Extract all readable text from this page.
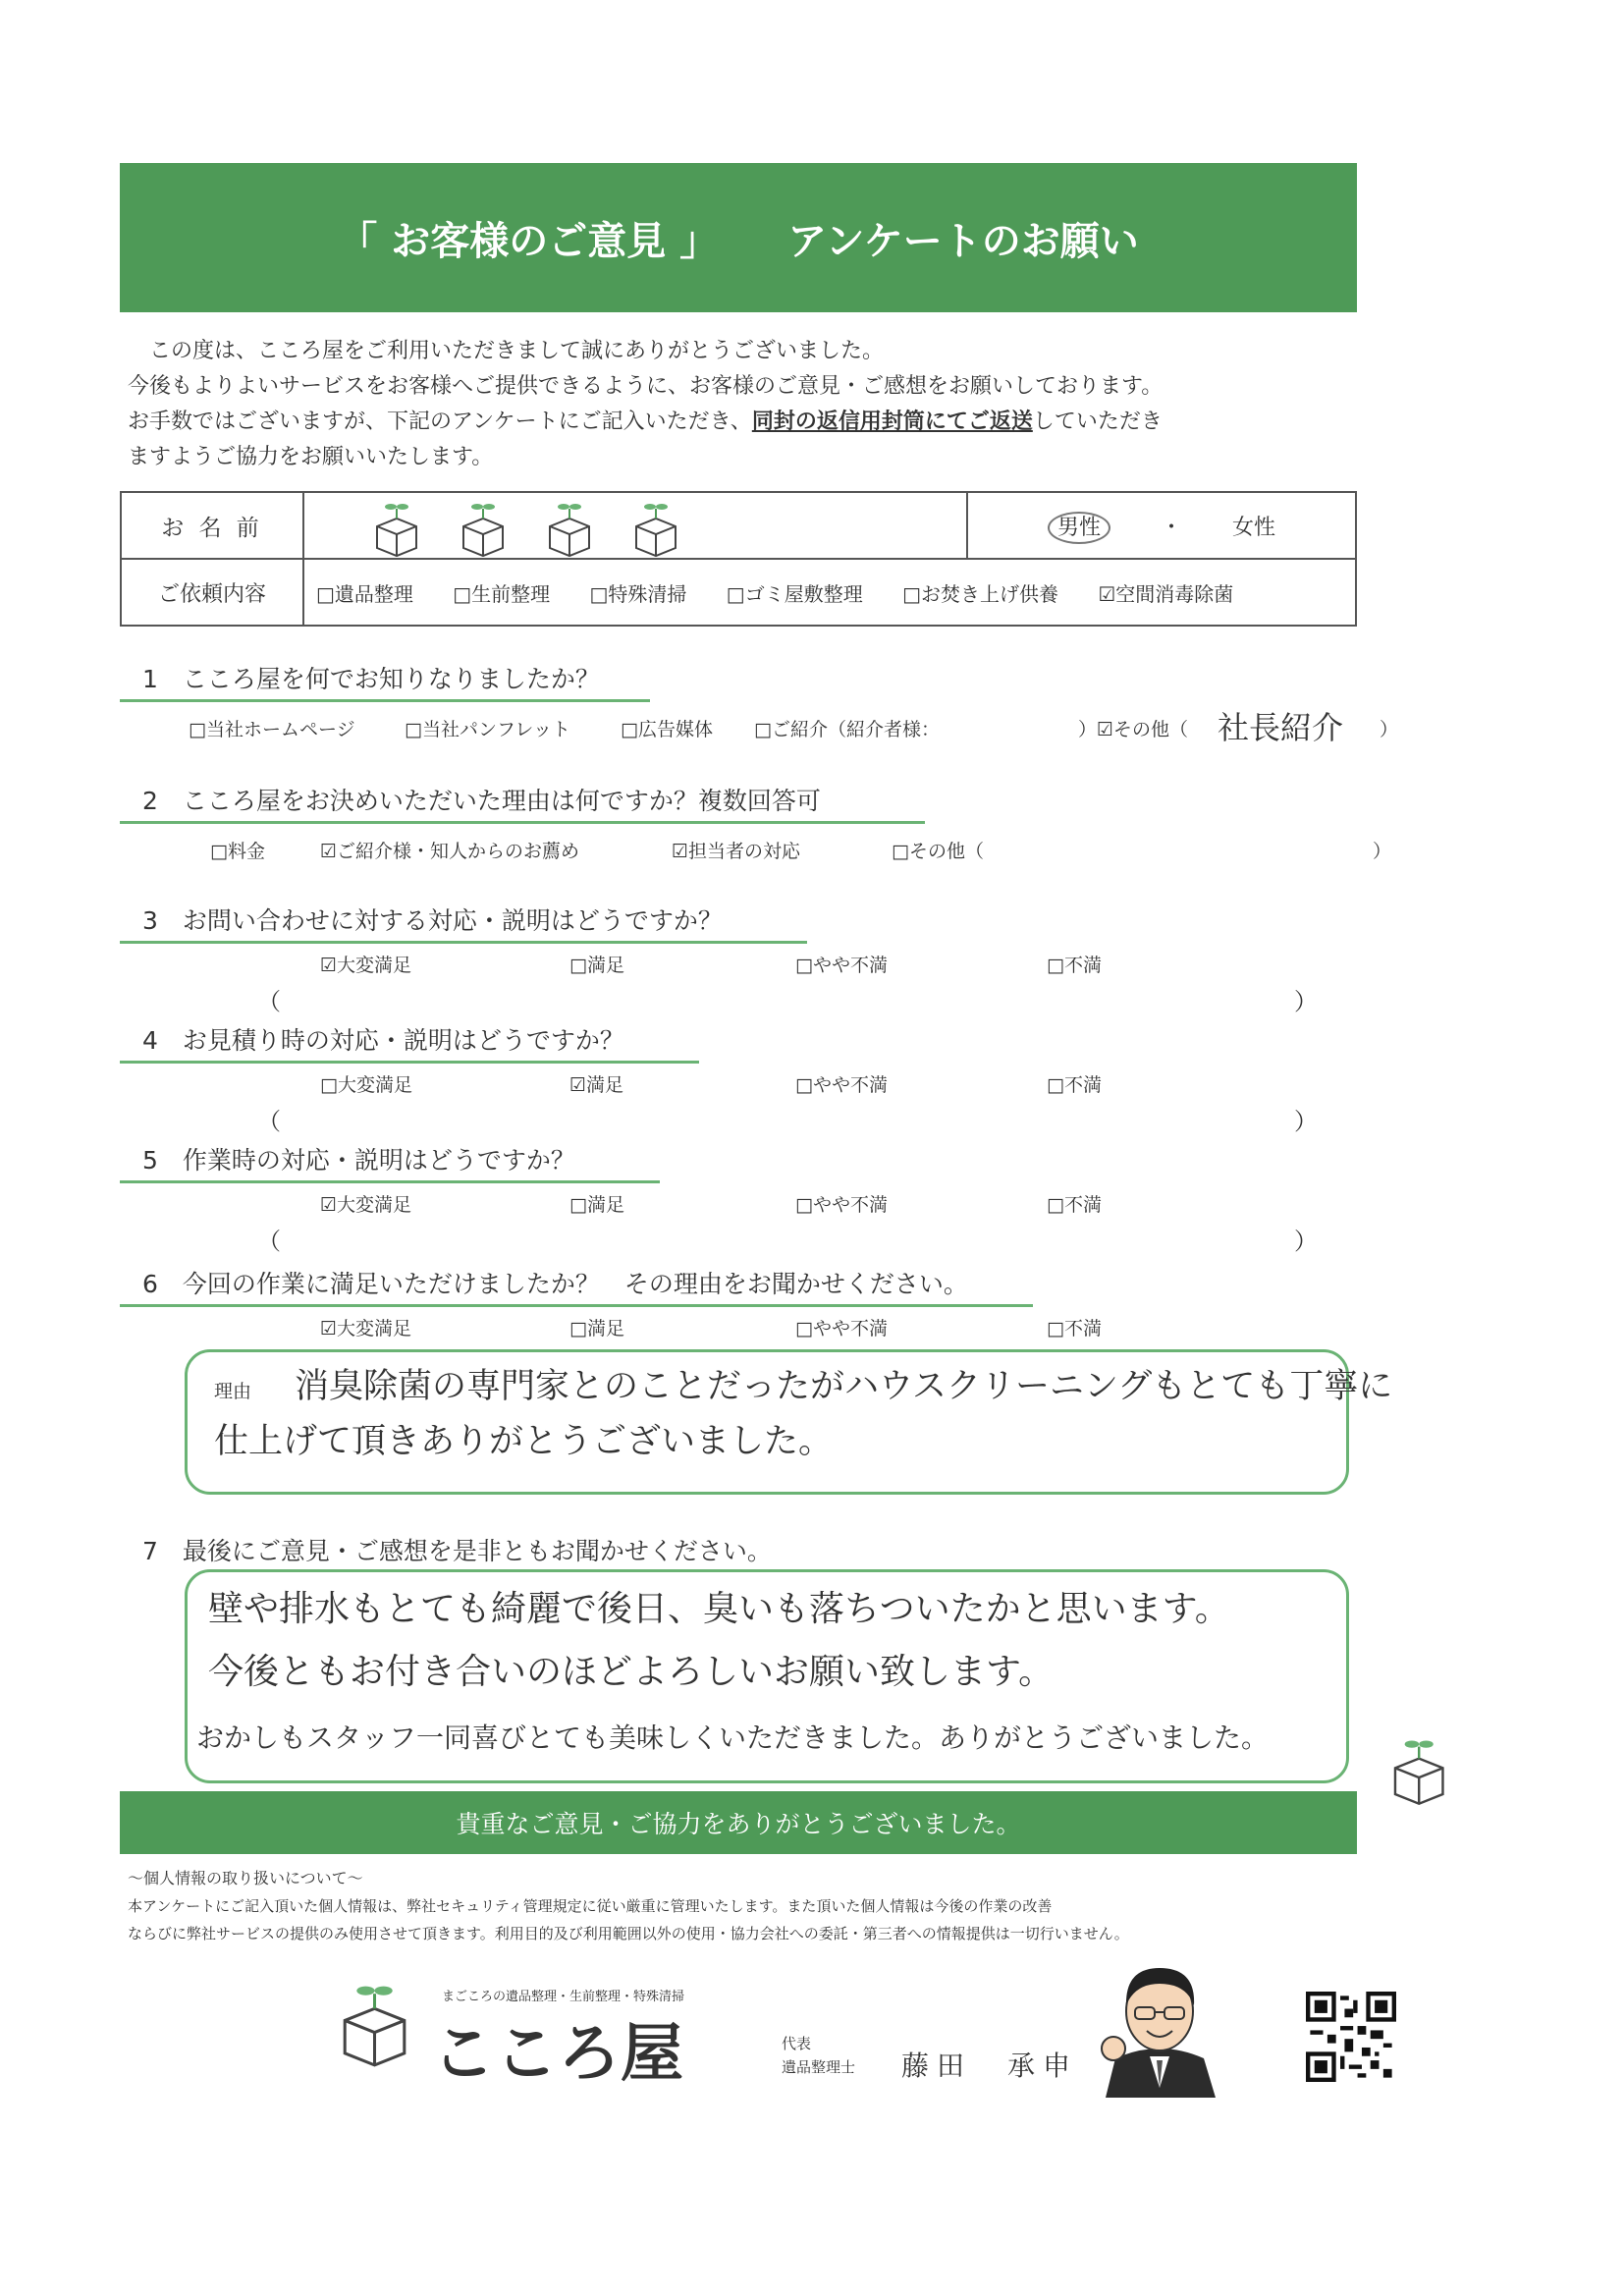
「 お客様のご意見 」 アンケートのお願い

この度は、こころ屋をご利用いただきまして誠にありがとうございました。

今後もよりよいサービスをお客様へご提供できるように、お客様のご意見・ご感想をお願いしております。

お手数ではございますが、下記のアンケートにご記入いただき、同封の返信用封筒にてご返送していただき

ますようご協力をお願いいたします。

お 名 前		男性 ・ 女性
ご依頼内容	□遺品整理 □生前整理 □特殊清掃 □ゴミ屋敷整理 □お焚き上げ供養 ☑空間消毒除菌	
1　 こころ屋を何でお知りなりましたか？
□当社ホームページ	□当社パンフレット	□広告媒体 □ご紹介（紹介者様：	）☑その他（ 社長紹介 ）
2　 こころ屋をお決めいただいた理由は何ですか？複数回答可
□料金	☑ご紹介様・知人からのお薦め	☑担当者の対応	□その他（	）
3　 お問い合わせに対する対応・説明はどうですか？
☑大変満足	□満足	□やや不満	□不満
（	）
4　 お見積り時の対応・説明はどうですか？
□大変満足	☑満足	□やや不満	□不満
（	）
5　 作業時の対応・説明はどうですか？
☑大変満足	□満足	□やや不満	□不満
（	）
6　 今回の作業に満足いただけましたか？　その理由をお聞かせください。
☑大変満足	□満足	□やや不満	□不満
理由 消臭除菌の専門家とのことだったがハウスクリーニングもとても丁寧に
仕上げて頂きありがとうございました。
7　 最後にご意見・ご感想を是非ともお聞かせください。
壁や排水もとても綺麗で後日、臭いも落ちついたかと思います。
今後ともお付き合いのほどよろしいお願い致します。
おかしもスタッフ一同喜びとても美味しくいただきました。ありがとうございました。
貴重なご意見・ご協力をありがとうございました。
〜個人情報の取り扱いについて〜
本アンケートにご記入頂いた個人情報は、弊社セキュリティ管理規定に従い厳重に管理いたします。また頂いた個人情報は今後の作業の改善
ならびに弊社サービスの提供のみ使用させて頂きます。利用目的及び利用範囲以外の使用・協力会社への委託・第三者への情報提供は一切行いません。
まごころの遺品整理・生前整理・特殊清掃
こころ屋	代表
遺品整理士 藤田　承申
